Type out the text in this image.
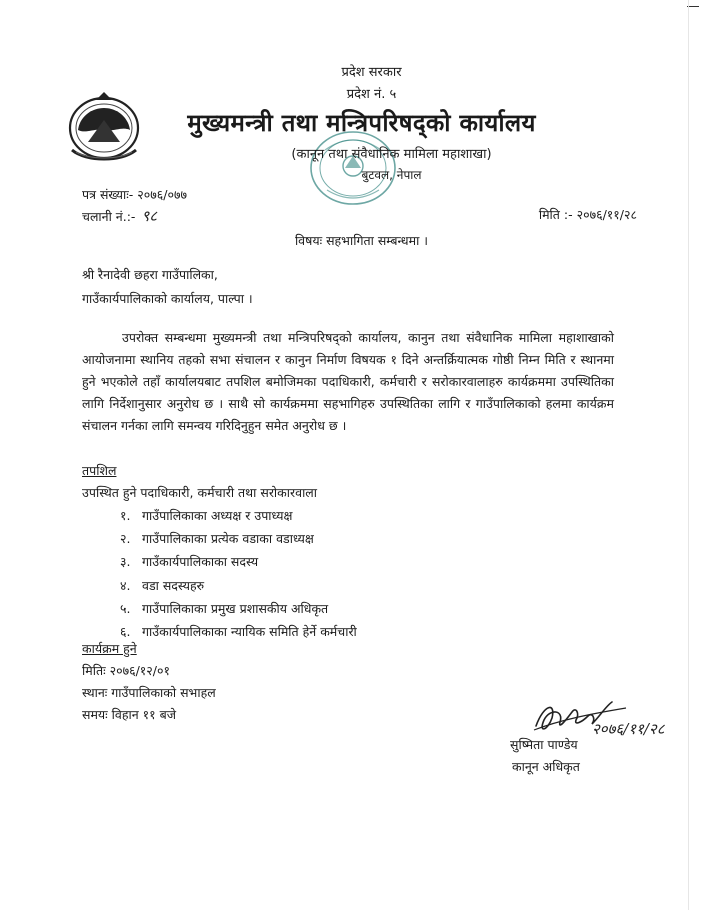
प्रदेश सरकार
प्रदेश नं. ५
मुख्यमन्त्री तथा मन्त्रिपरिषद्को कार्यालय
(कानून तथा संवैधानिक मामिला महाशाखा)
बुटवल, नेपाल
पत्र संख्याः- २०७६/०७७
चलानी नं.:- ९८	मिति :- २०७६/११/२८
विषयः सहभागिता सम्बन्धमा ।
श्री रैनादेवी छहरा गाउँपालिका,
गाउँकार्यपालिकाको कार्यालय, पाल्पा ।

उपरोक्त सम्बन्धमा मुख्यमन्त्री तथा मन्त्रिपरिषद्को कार्यालय, कानुन तथा संवैधानिक मामिला महाशाखाको आयोजनामा स्थानिय तहको सभा संचालन र कानुन निर्माण विषयक १ दिने अन्तर्क्रियात्मक गोष्ठी निम्न मिति र स्थानमा हुने भएकोले तहाँ कार्यालयबाट तपशिल बमोजिमका पदाधिकारी, कर्मचारी र सरोकारवालाहरु कार्यक्रममा उपस्थितिका लागि निर्देशानुसार अनुरोध छ । साथै सो कार्यक्रममा सहभागिहरु उपस्थितिका लागि र गाउँपालिकाको हलमा कार्यक्रम संचालन गर्नका लागि समन्वय गरिदिनुहुन समेत अनुरोध छ ।

तपशिल
उपस्थित हुने पदाधिकारी, कर्मचारी तथा सरोकारवाला
१. गाउँपालिकाका अध्यक्ष र उपाध्यक्ष
२. गाउँपालिकाका प्रत्येक वडाका वडाध्यक्ष
३. गाउँकार्यपालिकाका सदस्य
४. वडा सदस्यहरु
५. गाउँपालिकाका प्रमुख प्रशासकीय अधिकृत
६. गाउँकार्यपालिकाका न्यायिक समिति हेर्ने कर्मचारी
कार्यक्रम हुने
मितिः २०७६/१२/०१
स्थानः गाउँपालिकाको सभाहल
समयः विहान ११ बजे
२०७६/११/२८
सुष्मिता पाण्डेय
कानून अधिकृत
